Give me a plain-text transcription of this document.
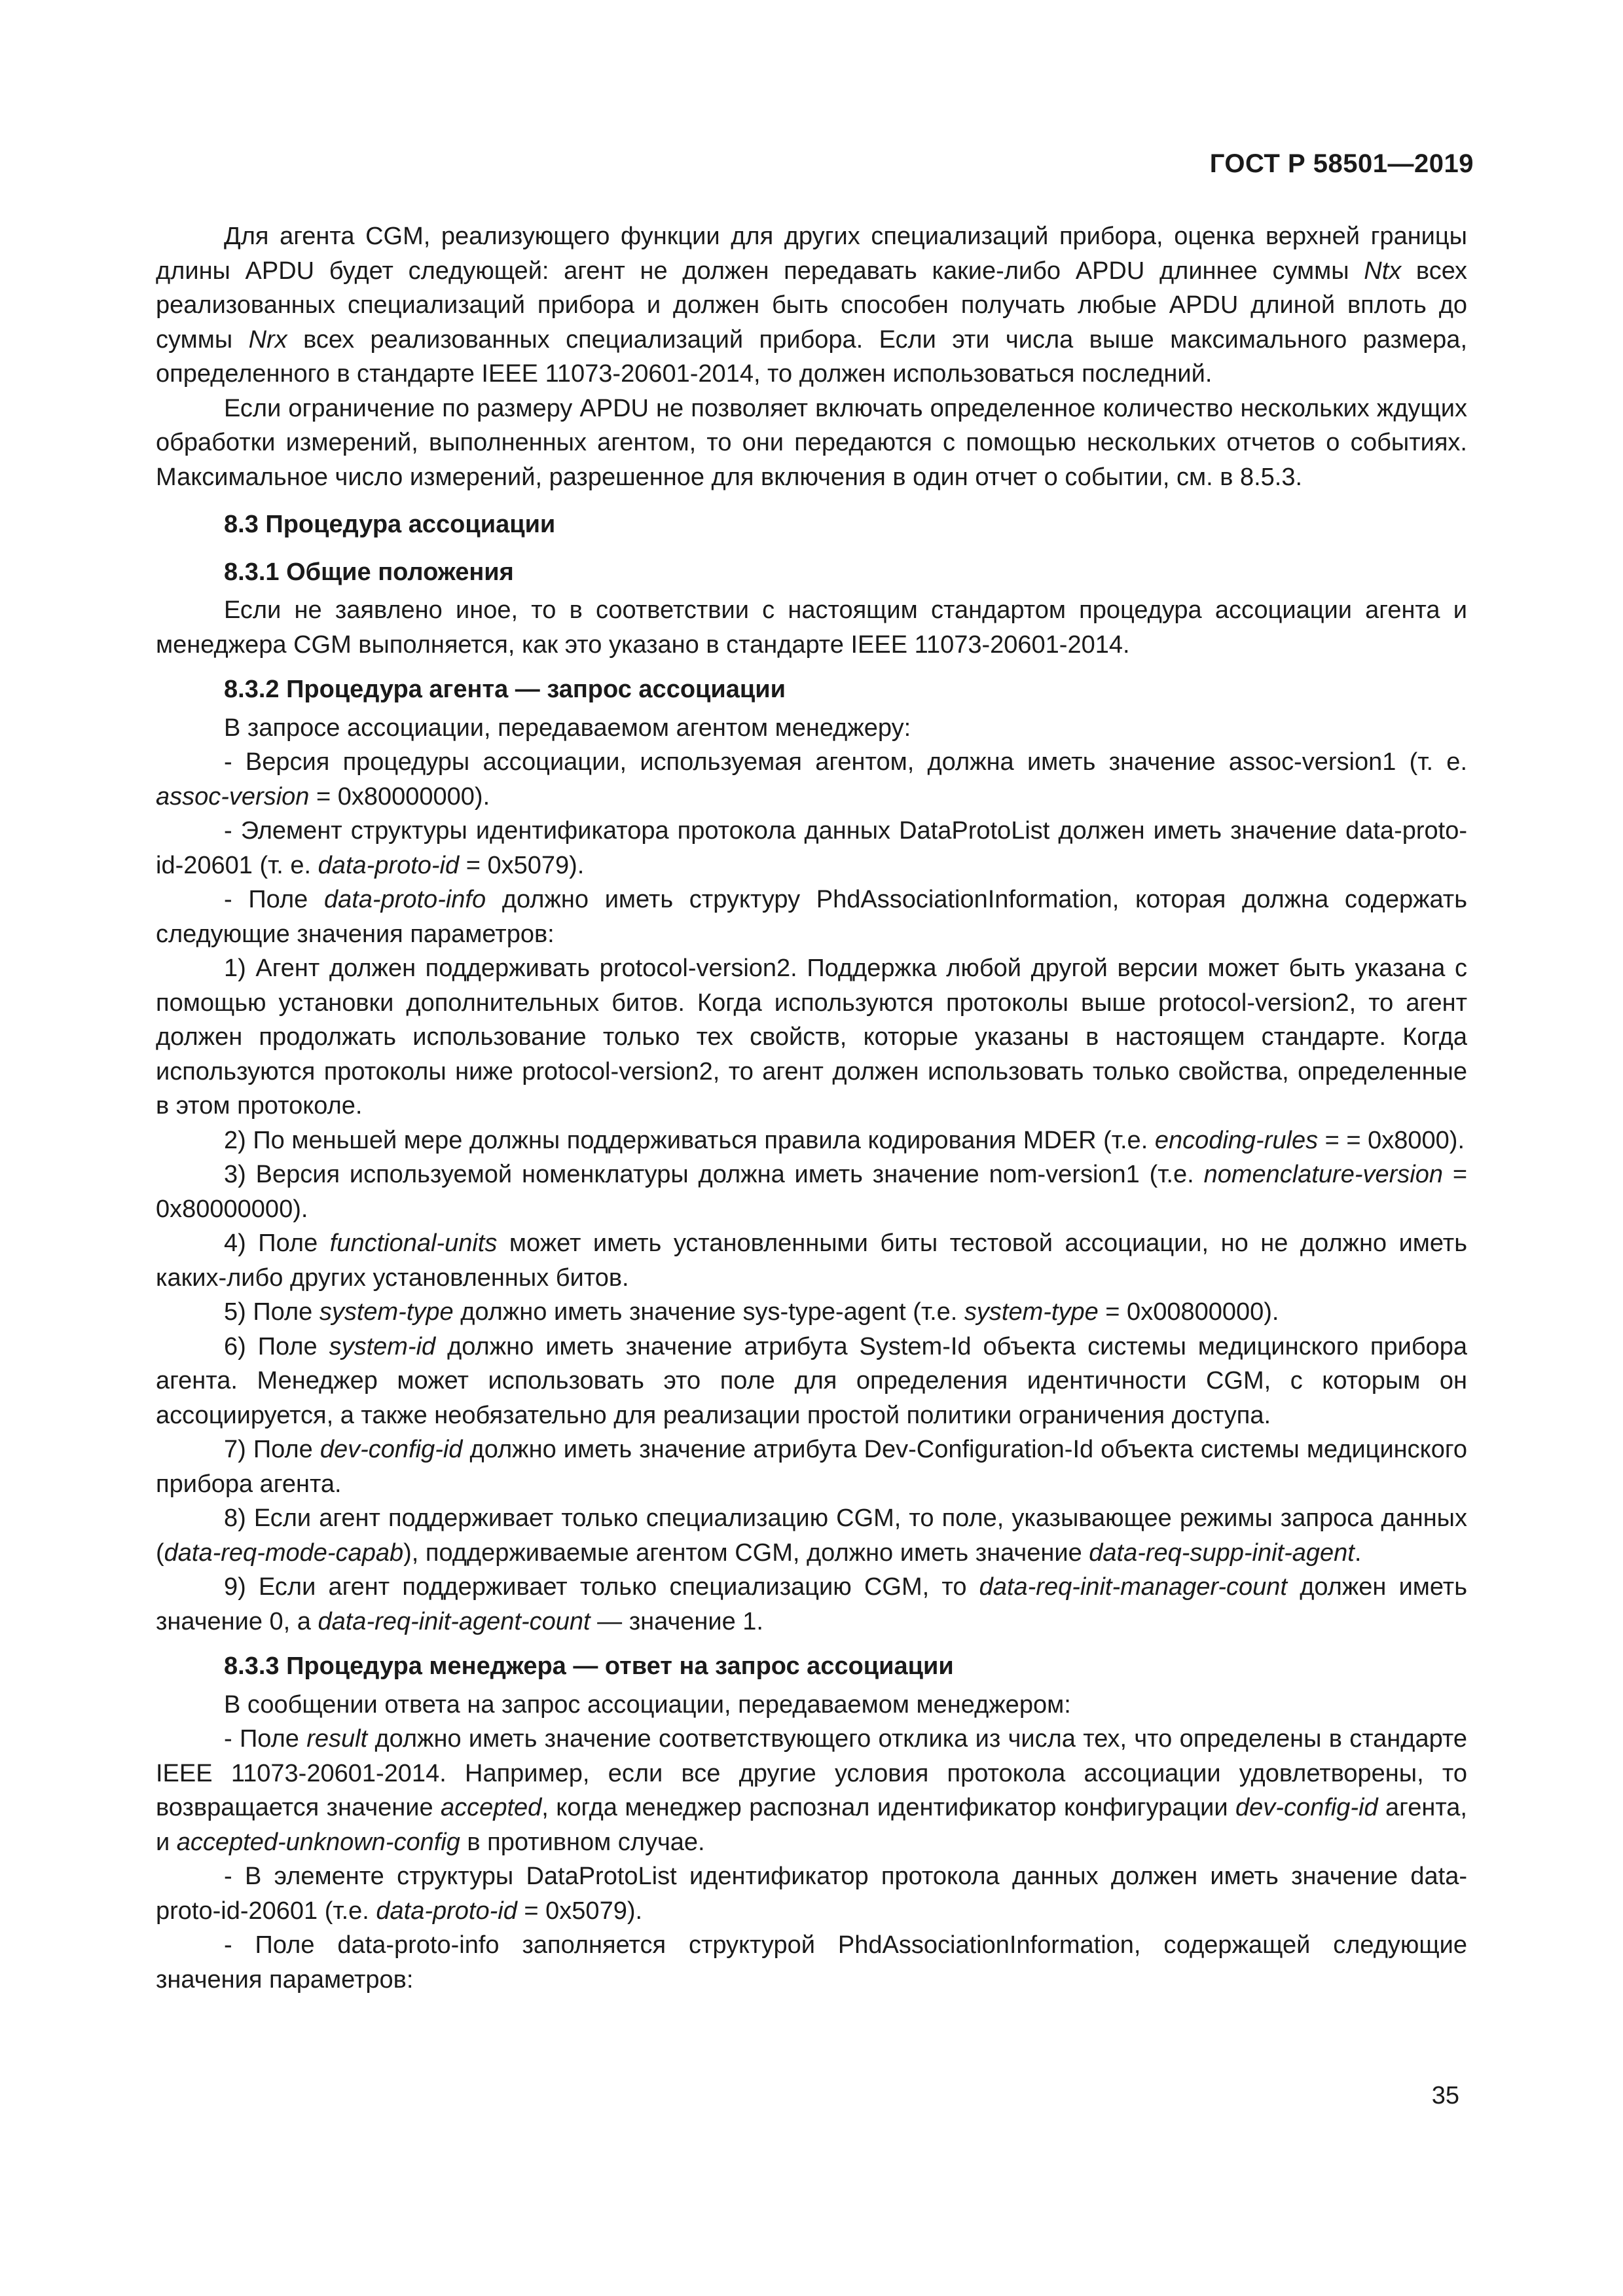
ГОСТ Р 58501—2019

Для агента CGM, реализующего функции для других специализаций прибора, оценка верхней границы длины APDU будет следующей: агент не должен передавать какие-либо APDU длиннее суммы Ntx всех реализованных специализаций прибора и должен быть способен получать любые APDU длиной вплоть до суммы Nrx всех реализованных специализаций прибора. Если эти числа выше максимального размера, определенного в стандарте IEEE 11073-20601-2014, то должен использоваться последний.

Если ограничение по размеру APDU не позволяет включать определенное количество нескольких ждущих обработки измерений, выполненных агентом, то они передаются с помощью нескольких отчетов о событиях. Максимальное число измерений, разрешенное для включения в один отчет о событии, см. в 8.5.3.

8.3 Процедура ассоциации
8.3.1 Общие положения

Если не заявлено иное, то в соответствии с настоящим стандартом процедура ассоциации агента и менеджера CGM выполняется, как это указано в стандарте IEEE 11073-20601-2014.

8.3.2 Процедура агента — запрос ассоциации

В запросе ассоциации, передаваемом агентом менеджеру:

- Версия процедуры ассоциации, используемая агентом, должна иметь значение assoc-version1 (т. е. assoc-version = 0x80000000).

- Элемент структуры идентификатора протокола данных DataProtoList должен иметь значение data-proto-id-20601 (т. е. data-proto-id = 0x5079).

- Поле data-proto-info должно иметь структуру PhdAssociationInformation, которая должна содержать следующие значения параметров:

1) Агент должен поддерживать protocol-version2. Поддержка любой другой версии может быть указана с помощью установки дополнительных битов. Когда используются протоколы выше protocol-version2, то агент должен продолжать использование только тех свойств, которые указаны в настоящем стандарте. Когда используются протоколы ниже protocol-version2, то агент должен использовать только свойства, определенные в этом протоколе.

2) По меньшей мере должны поддерживаться правила кодирования MDER (т.е. encoding-rules = = 0x8000).

3) Версия используемой номенклатуры должна иметь значение nom-version1 (т.е. nomenclature-version = 0x80000000).

4) Поле functional-units может иметь установленными биты тестовой ассоциации, но не должно иметь каких-либо других установленных битов.

5) Поле system-type должно иметь значение sys-type-agent (т.е. system-type = 0x00800000).

6) Поле system-id должно иметь значение атрибута System-Id объекта системы медицинского прибора агента. Менеджер может использовать это поле для определения идентичности CGM, с которым он ассоциируется, а также необязательно для реализации простой политики ограничения доступа.

7) Поле dev-config-id должно иметь значение атрибута Dev-Configuration-Id объекта системы медицинского прибора агента.

8) Если агент поддерживает только специализацию CGM, то поле, указывающее режимы запроса данных (data-req-mode-capab), поддерживаемые агентом CGM, должно иметь значение data-req-supp-init-agent.

9) Если агент поддерживает только специализацию CGM, то data-req-init-manager-count должен иметь значение 0, а data-req-init-agent-count — значение 1.

8.3.3 Процедура менеджера — ответ на запрос ассоциации

В сообщении ответа на запрос ассоциации, передаваемом менеджером:

- Поле result должно иметь значение соответствующего отклика из числа тех, что определены в стандарте IEEE 11073-20601-2014. Например, если все другие условия протокола ассоциации удовлетворены, то возвращается значение accepted, когда менеджер распознал идентификатор конфигурации dev-config-id агента, и accepted-unknown-config в противном случае.

- В элементе структуры DataProtoList идентификатор протокола данных должен иметь значение data-proto-id-20601 (т.е. data-proto-id = 0x5079).

- Поле data-proto-info заполняется структурой PhdAssociationInformation, содержащей следующие значения параметров:

35
